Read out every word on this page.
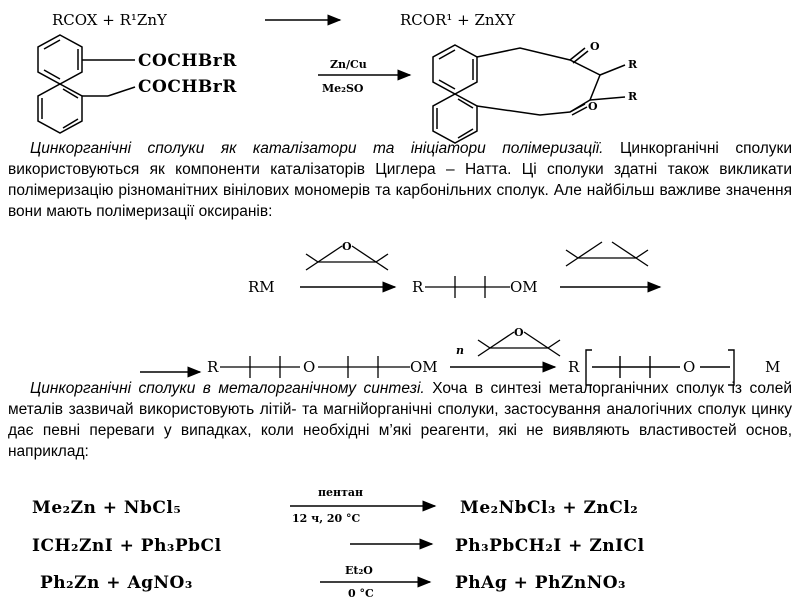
RCOX + R¹ZnY	RCOR¹ + ZnXY
COCHBrR
COCHBrR
Zn/Cu
Me₂SO
O
O
R
R
RM
O
R	OM
R	O	OM
O
n
R	O	M
Me₂Zn + NbCl₅
пентан
12 ч, 20 °C
Me₂NbCl₃ + ZnCl₂
ICH₂ZnI + Ph₃PbCl	Ph₃PbCH₂I + ZnICl
Ph₂Zn + AgNO₃
Et₂O
0 °C
PhAg + PhZnNO₃
Цинкорганічні сполуки як каталізатори та ініціатори полімеризації. Цинкорганічні сполуки використовуються як компоненти каталізаторів Циглера – Натта. Ці сполуки здатні також викликати полімеризацію різноманітних вінілових мономерів та карбонільних сполук. Але найбільш важливе значення вони мають полімеризації оксиранів:
Цинкорганічні сполуки в металорганічному синтезі. Хоча в синтезі металорганічних сполук із солей металів зазвичай використовують літій- та магнійорганічні сполуки, застосування аналогічних сполук цинку дає певні переваги у випадках, коли необхідні м’які реагенти, які не виявляють властивостей основ, наприклад:
